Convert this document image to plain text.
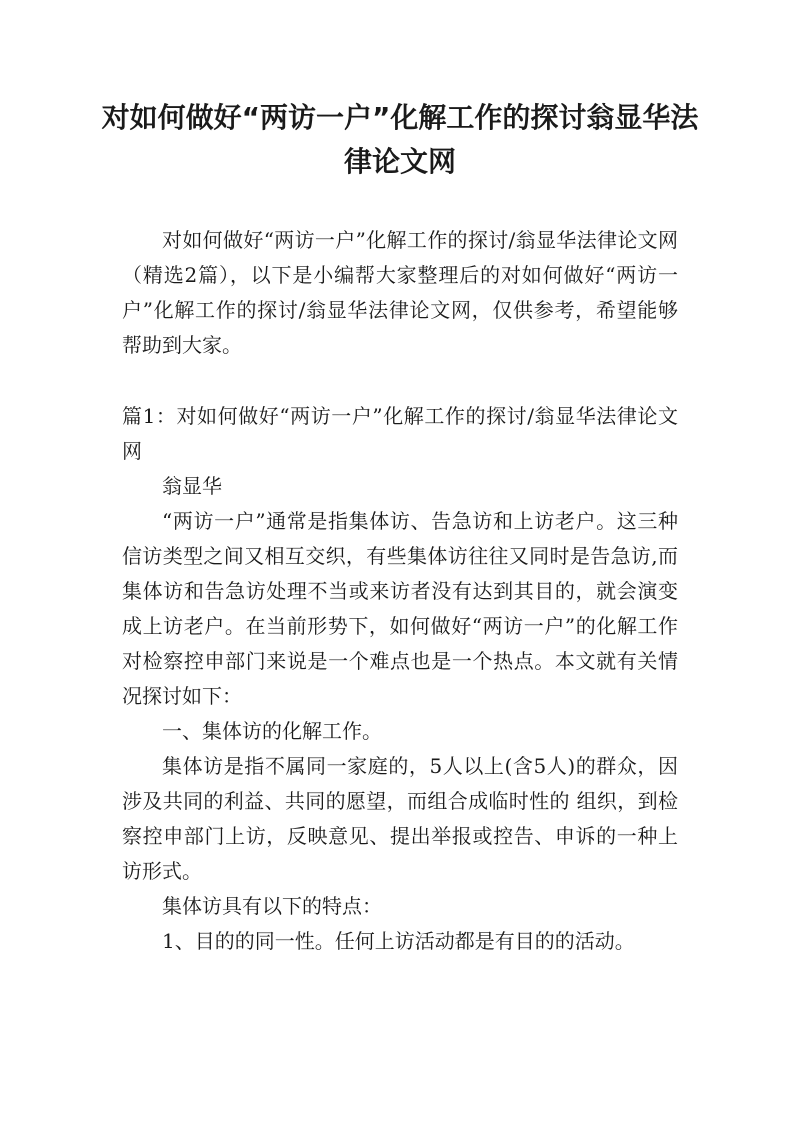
对如何做好“两访一户”化解工作的探讨翁显华法律论文网

对如何做好“两访一户”化解工作的探讨/翁显华法律论文网（精选2篇），以下是小编帮大家整理后的对如何做好“两访一户”化解工作的探讨/翁显华法律论文网，仅供参考，希望能够帮助到大家。

篇1：对如何做好“两访一户”化解工作的探讨/翁显华法律论文网

翁显华

“两访一户”通常是指集体访、告急访和上访老户。这三种信访类型之间又相互交织，有些集体访往往又同时是告急访,而集体访和告急访处理不当或来访者没有达到其目的，就会演变成上访老户。在当前形势下，如何做好“两访一户”的化解工作对检察控申部门来说是一个难点也是一个热点。本文就有关情况探讨如下：

一、集体访的化解工作。

集体访是指不属同一家庭的，5人以上(含5人)的群众，因涉及共同的利益、共同的愿望，而组合成临时性的 组织，到检察控申部门上访，反映意见、提出举报或控告、申诉的一种上访形式。

集体访具有以下的特点：

1、目的的同一性。任何上访活动都是有目的的活动。
